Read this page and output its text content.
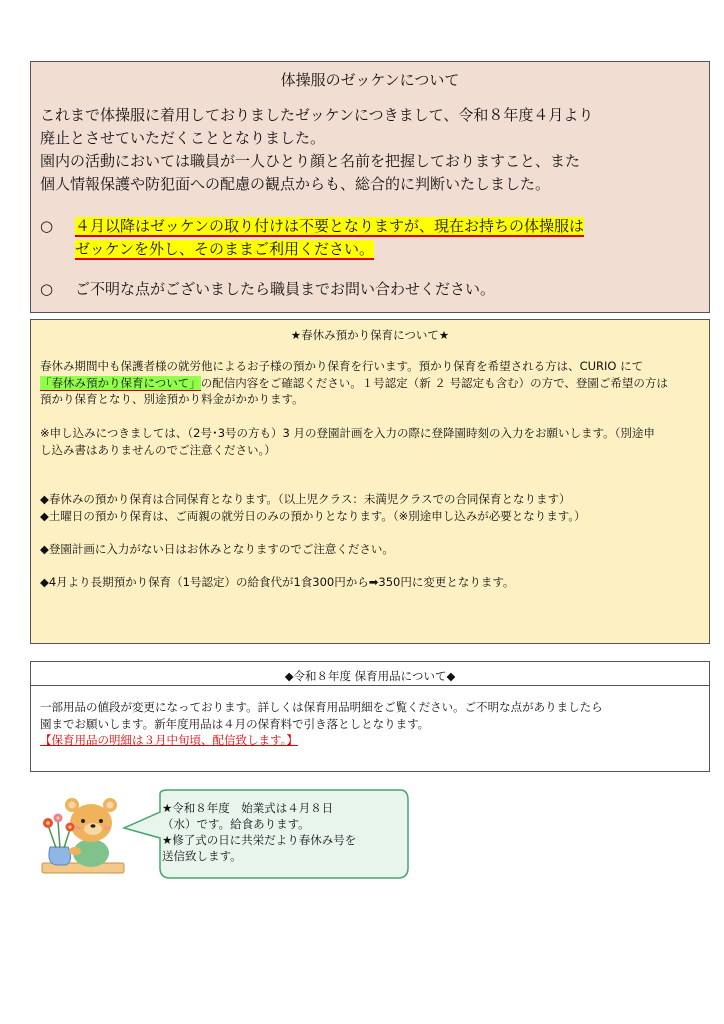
体操服のゼッケンについて
これまで体操服に着用しておりましたゼッケンにつきまして、令和８年度４月より
廃止とさせていただくこととなりました。
園内の活動においては職員が一人ひとり顔と名前を把握しておりますこと、また
個人情報保護や防犯面への配慮の観点からも、総合的に判断いたしました。
○ ４月以降はゼッケンの取り付けは不要となりますが、現在お持ちの体操服は
ゼッケンを外し、そのままご利用ください。
○ ご不明な点がございましたら職員までお問い合わせください。
★春休み預かり保育について★
春休み期間中も保護者様の就労他によるお子様の預かり保育を行います。預かり保育を希望される方は、CURIO にて
「春休み預かり保育について」の配信内容をご確認ください。１号認定（新 ２ 号認定も含む）の方で、登園ご希望の方は
預かり保育となり、別途預かり料金がかかります。
※申し込みにつきましては、（2号･3号の方も）3 月の登園計画を入力の際に登降園時刻の入力をお願いします。（別途申
し込み書はありませんのでご注意ください。）
◆春休みの預かり保育は合同保育となります。（以上児クラス：未満児クラスでの合同保育となります）
◆土曜日の預かり保育は、ご両親の就労日のみの預かりとなります。（※別途申し込みが必要となります。）
◆登園計画に入力がない日はお休みとなりますのでご注意ください。
◆4月より長期預かり保育（1号認定）の給食代が1食300円から➡350円に変更となります。
◆令和８年度 保育用品について◆
一部用品の値段が変更になっております。詳しくは保育用品明細をご覧ください。ご不明な点がありましたら
園までお願いします。新年度用品は４月の保育料で引き落としとなります。
【保育用品の明細は３月中旬頃、配信致します。】
★令和８年度　始業式は４月８日
（水）です。給食あります。
★修了式の日に共栄だより春休み号を
送信致します。
